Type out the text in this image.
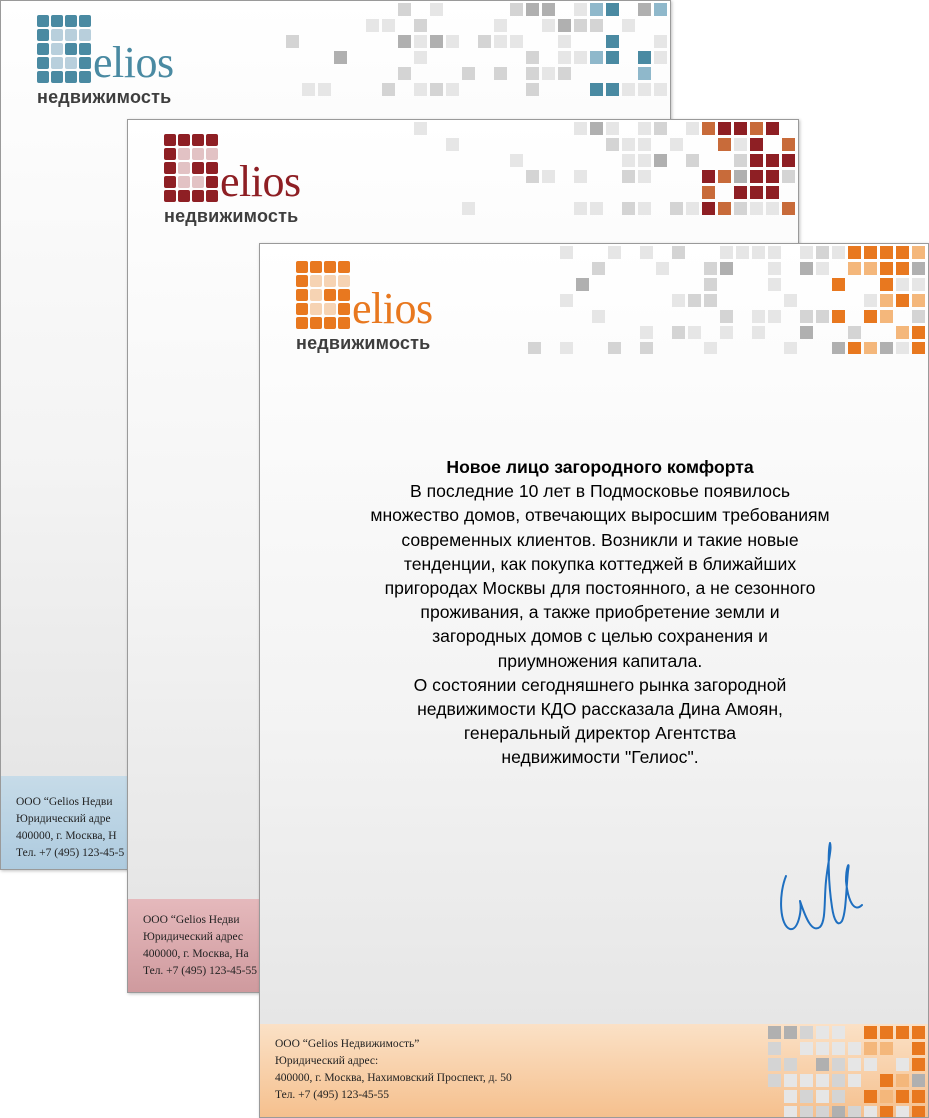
elios
недвижимость
ООО “Gelios Недви
Юридический адре
400000, г. Москва, Н
Тел. +7 (495) 123-45-5
elios
недвижимость
ООО “Gelios Недви
Юридический адрес
400000, г. Москва, На
Тел. +7 (495) 123-45-55
elios
недвижимость
Новое лицо загородного комфорта
В последние 10 лет в Подмосковье появилось
множество домов, отвечающих выросшим требованиям
современных клиентов. Возникли и такие новые
тенденции, как покупка коттеджей в ближайших
пригородах Москвы для постоянного, а не сезонного
проживания, а также приобретение земли и
загородных домов с целью сохранения и
приумножения капитала.
О состоянии сегодняшнего рынка загородной
недвижимости КДО рассказала Дина Амоян,
генеральный директор Агентства
недвижимости "Гелиос".
ООО “Gelios Недвижимость”
Юридический адрес:
400000, г. Москва, Нахимовский Проспект, д. 50
Тел. +7 (495) 123-45-55
